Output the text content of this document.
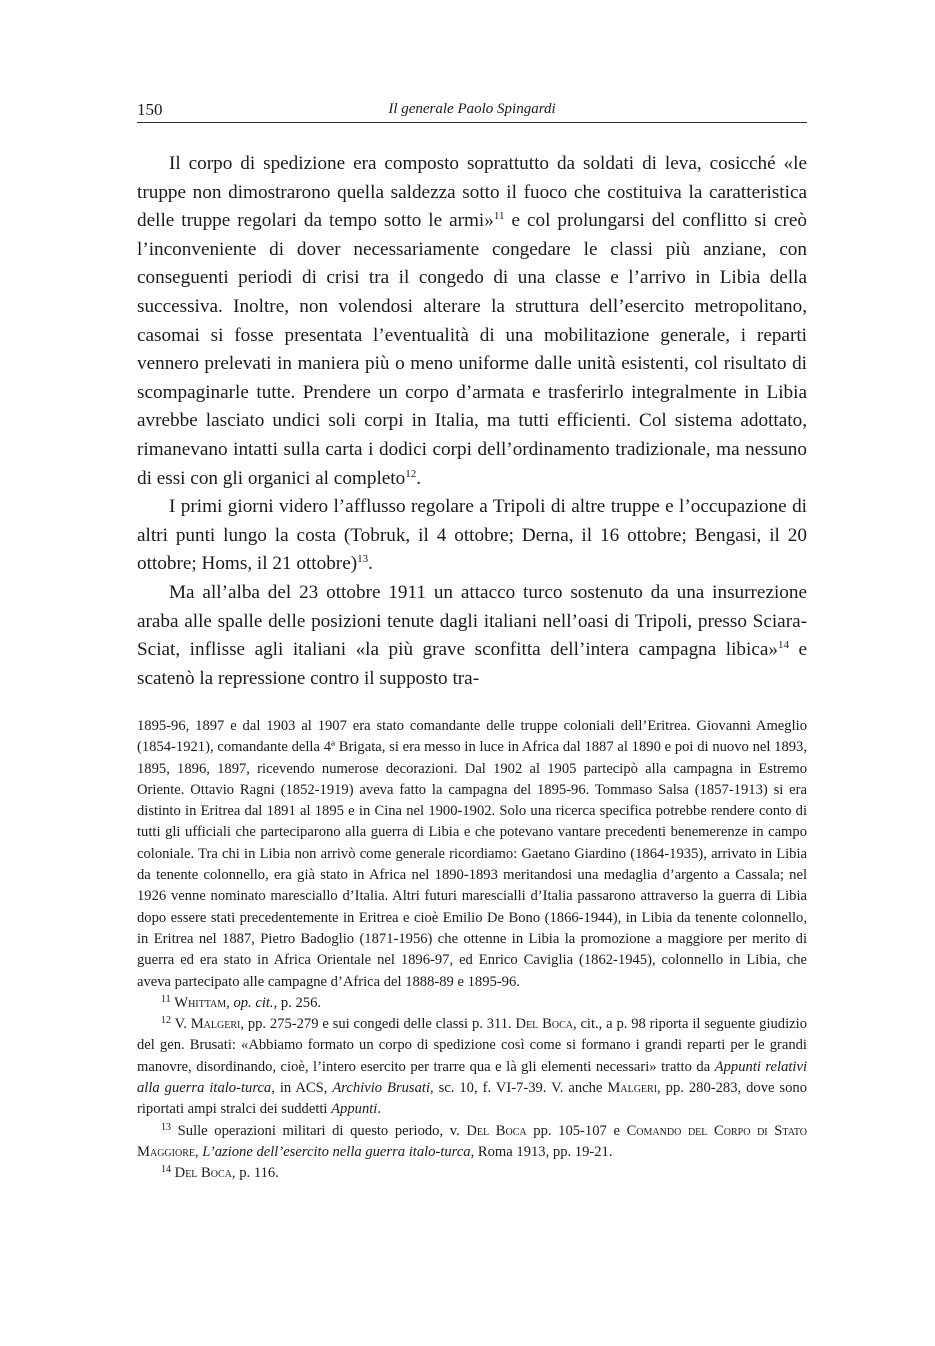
150	Il generale Paolo Spingardi

Il corpo di spedizione era composto soprattutto da soldati di leva, cosicché «le truppe non dimostrarono quella saldezza sotto il fuoco che costituiva la caratteristica delle truppe regolari da tempo sotto le armi»$^{11}$ e col prolungarsi del conflitto si creò l’inconveniente di dover necessariamente congedare le classi più anziane, con conseguenti periodi di crisi tra il congedo di una classe e l’arrivo in Libia della successiva. Inoltre, non volendosi alterare la struttura dell’esercito metropolitano, casomai si fosse presentata l’eventualità di una mobilitazione generale, i reparti vennero prelevati in maniera più o meno uniforme dalle unità esistenti, col risultato di scompaginarle tutte. Prendere un corpo d’armata e trasferirlo integralmente in Libia avrebbe lasciato undici soli corpi in Italia, ma tutti efficienti. Col sistema adottato, rimanevano intatti sulla carta i dodici corpi dell’ordinamento tradizionale, ma nessuno di essi con gli organici al completo$^{12}$.

I primi giorni videro l’afflusso regolare a Tripoli di altre truppe e l’occupazione di altri punti lungo la costa (Tobruk, il 4 ottobre; Derna, il 16 ottobre; Bengasi, il 20 ottobre; Homs, il 21 ottobre)$^{13}$.

Ma all’alba del 23 ottobre 1911 un attacco turco sostenuto da una insurrezione araba alle spalle delle posizioni tenute dagli italiani nell’oasi di Tripoli, presso Sciara-Sciat, inflisse agli italiani «la più grave sconfitta dell’intera campagna libica»$^{14}$ e scatenò la repressione contro il supposto tra-

1895-96, 1897 e dal 1903 al 1907 era stato comandante delle truppe coloniali dell’Eritrea. Giovanni Ameglio (1854-1921), comandante della 4ª Brigata, si era messo in luce in Africa dal 1887 al 1890 e poi di nuovo nel 1893, 1895, 1896, 1897, ricevendo numerose decorazioni. Dal 1902 al 1905 partecipò alla campagna in Estremo Oriente. Ottavio Ragni (1852-1919) aveva fatto la campagna del 1895-96. Tommaso Salsa (1857-1913) si era distinto in Eritrea dal 1891 al 1895 e in Cina nel 1900-1902. Solo una ricerca specifica potrebbe rendere conto di tutti gli ufficiali che parteciparono alla guerra di Libia e che potevano vantare precedenti benemerenze in campo coloniale. Tra chi in Libia non arrivò come generale ricordiamo: Gaetano Giardino (1864-1935), arrivato in Libia da tenente colonnello, era già stato in Africa nel 1890-1893 meritandosi una medaglia d’argento a Cassala; nel 1926 venne nominato maresciallo d’Italia. Altri futuri marescialli d’Italia passarono attraverso la guerra di Libia dopo essere stati precedentemente in Eritrea e cioè Emilio De Bono (1866-1944), in Libia da tenente colonnello, in Eritrea nel 1887, Pietro Badoglio (1871-1956) che ottenne in Libia la promozione a maggiore per merito di guerra ed era stato in Africa Orientale nel 1896-97, ed Enrico Caviglia (1862-1945), colonnello in Libia, che aveva partecipato alle campagne d’Africa del 1888-89 e 1895-96.

$^{11}$ Whittam, op. cit., p. 256.

$^{12}$ V. Malgeri, pp. 275-279 e sui congedi delle classi p. 311. Del Boca, cit., a p. 98 riporta il seguente giudizio del gen. Brusati: «Abbiamo formato un corpo di spedizione così come si formano i grandi reparti per le grandi manovre, disordinando, cioè, l’intero esercito per trarre qua e là gli elementi necessari» tratto da Appunti relativi alla guerra italo-turca, in ACS, Archivio Brusati, sc. 10, f. VI-7-39. V. anche Malgeri, pp. 280-283, dove sono riportati ampi stralci dei suddetti Appunti.

$^{13}$ Sulle operazioni militari di questo periodo, v. Del Boca pp. 105-107 e Comando del Corpo di Stato Maggiore, L’azione dell’esercito nella guerra italo-turca, Roma 1913, pp. 19-21.

$^{14}$ Del Boca, p. 116.
